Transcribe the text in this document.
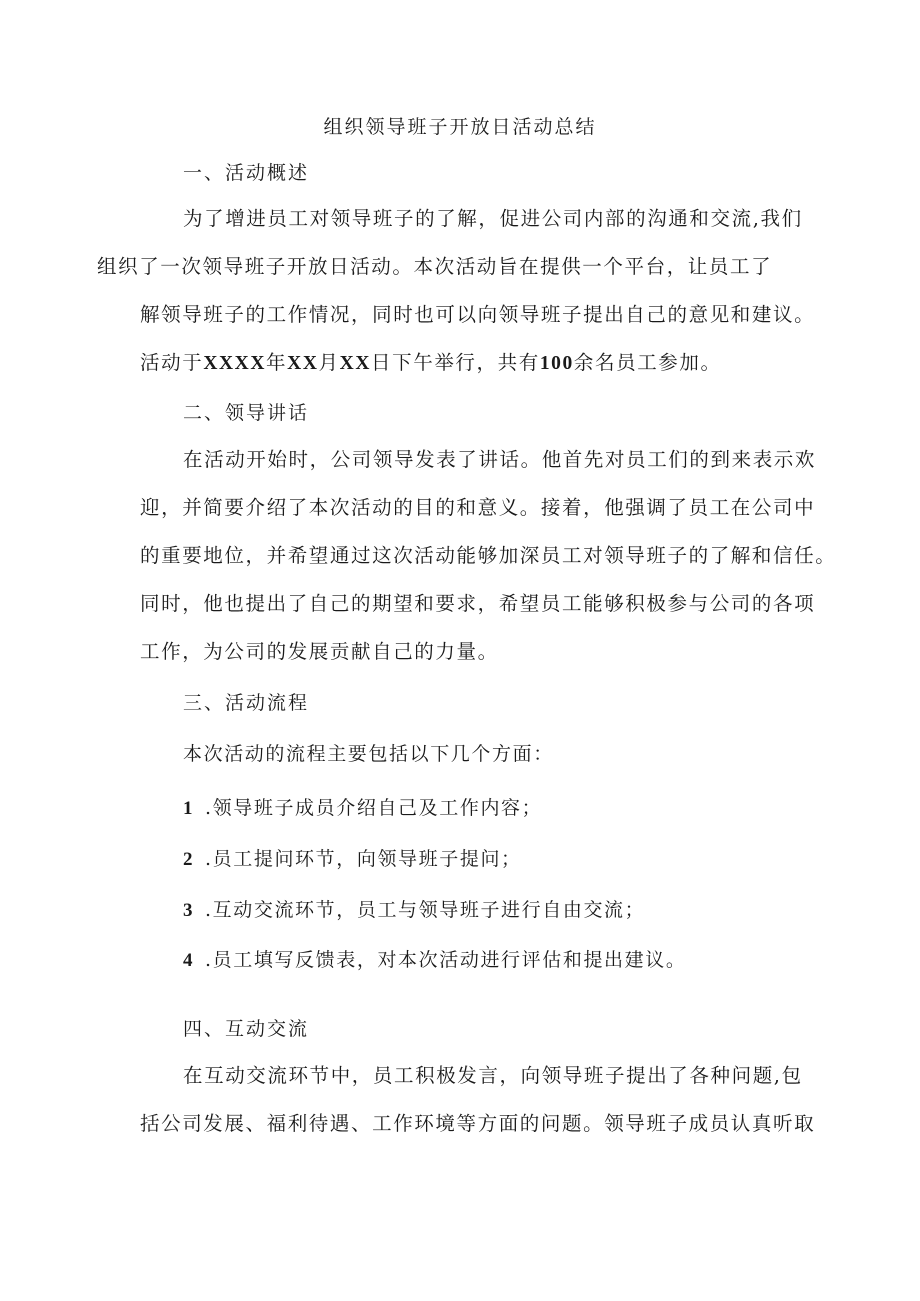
组织领导班子开放日活动总结
一、活动概述
为了增进员工对领导班子的了解，促进公司内部的沟通和交流,我们
组织了一次领导班子开放日活动。本次活动旨在提供一个平台，让员工了
解领导班子的工作情况，同时也可以向领导班子提出自己的意见和建议。
活动于XXXX年XX月XX日下午举行，共有100余名员工参加。
二、领导讲话
在活动开始时，公司领导发表了讲话。他首先对员工们的到来表示欢
迎，并简要介绍了本次活动的目的和意义。接着，他强调了员工在公司中
的重要地位，并希望通过这次活动能够加深员工对领导班子的了解和信任。
同时，他也提出了自己的期望和要求，希望员工能够积极参与公司的各项
工作，为公司的发展贡献自己的力量。
三、活动流程
本次活动的流程主要包括以下几个方面：
1 .领导班子成员介绍自己及工作内容；
2 .员工提问环节，向领导班子提问；
3 .互动交流环节，员工与领导班子进行自由交流；
4 .员工填写反馈表，对本次活动进行评估和提出建议。
四、互动交流
在互动交流环节中，员工积极发言，向领导班子提出了各种问题,包
括公司发展、福利待遇、工作环境等方面的问题。领导班子成员认真听取
